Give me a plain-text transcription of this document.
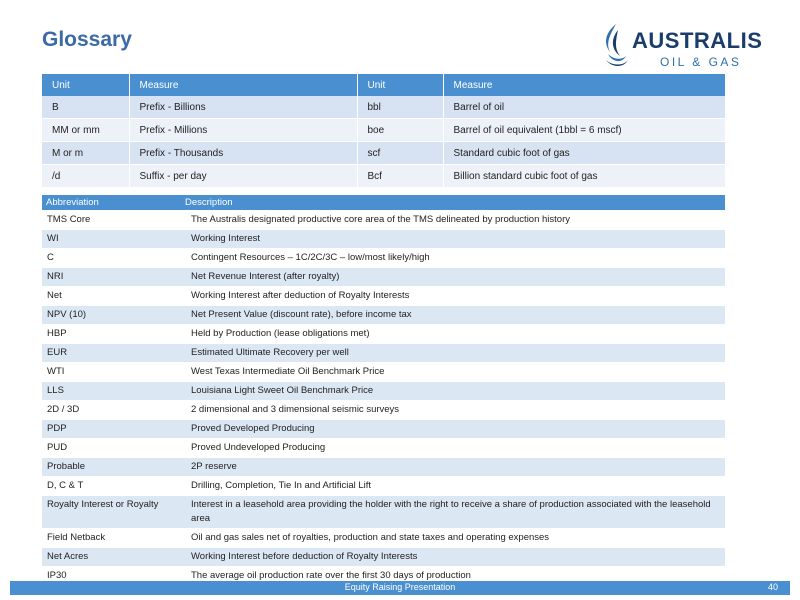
Glossary	AUSTRALIS
OIL & GAS
Unit	Measure	Unit	Measure
B	Prefix - Billions	bbl	Barrel of oil
MM or mm	Prefix - Millions	boe	Barrel of oil equivalent (1bbl = 6 mscf)
M or m	Prefix - Thousands	scf	Standard cubic foot of gas
/d	Suffix - per day	Bcf	Billion standard cubic foot of gas
Abbreviation	Description
TMS Core	The Australis designated productive core area of the TMS delineated by production history
WI	Working Interest
C	Contingent Resources – 1C/2C/3C – low/most likely/high
NRI	Net Revenue Interest (after royalty)
Net	Working Interest after deduction of Royalty Interests
NPV (10)	Net Present Value (discount rate), before income tax
HBP	Held by Production (lease obligations met)
EUR	Estimated Ultimate Recovery per well
WTI	West Texas Intermediate Oil Benchmark Price
LLS	Louisiana Light Sweet Oil Benchmark Price
2D / 3D	2 dimensional and 3 dimensional seismic surveys
PDP	Proved Developed Producing
PUD	Proved Undeveloped Producing
Probable	2P reserve
D, C & T	Drilling, Completion, Tie In and Artificial Lift
Royalty Interest or Royalty	Interest in a leasehold area providing the holder with the right to receive a share of production associated with the leasehold area
Field Netback	Oil and gas sales net of royalties, production and state taxes and operating expenses
Net Acres	Working Interest before deduction of Royalty Interests
IP30	The average oil production rate over the first 30 days of production
Equity Raising Presentation	40
